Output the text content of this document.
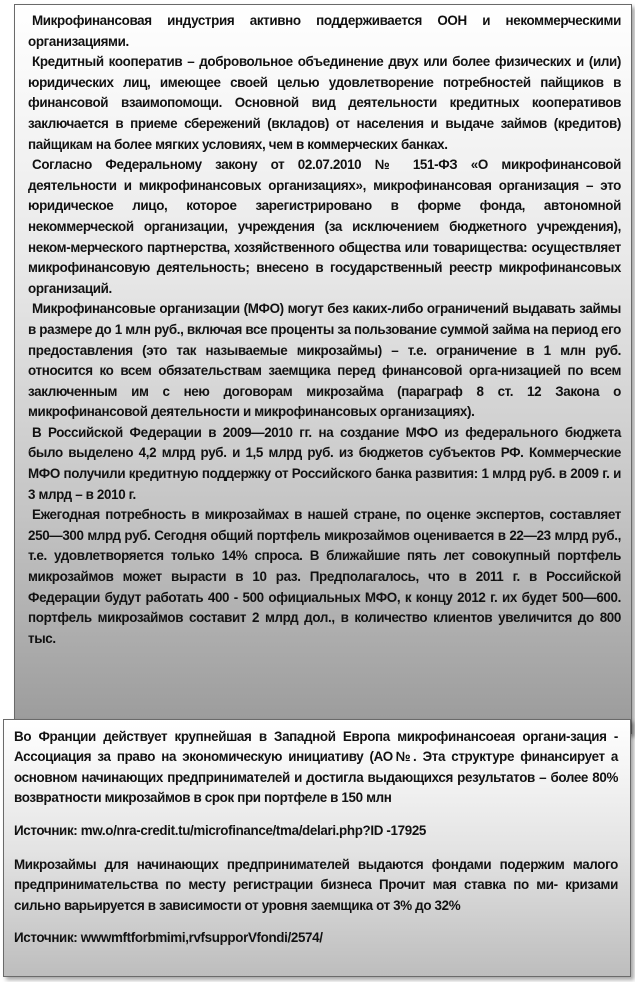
Микрофинансовая индустрия активно поддерживается ООН и некоммерческими организациями.

Кредитный кооператив – добровольное объединение двух или более физических и (или) юридических лиц, имеющее своей целью удовлетворение потребностей пайщиков в финансовой взаимопомощи. Основной вид деятельности кредитных кооперативов заключается в приеме сбережений (вкладов) от населения и выдаче займов (кредитов) пайщикам на более мягких условиях, чем в коммерческих банках.

Согласно Федеральному закону от 02.07.2010 № 151-ФЗ «О микрофинансовой деятельности и микрофинансовых организациях», микрофинансовая организация – это юридическое лицо, которое зарегистрировано в форме фонда, автономной некоммерческой организации, учреждения (за исключением бюджетного учреждения), неком-мерческого партнерства, хозяйственного общества или товарищества: осуществляет микрофинансовую деятельность; внесено в государственный реестр микрофинансовых организаций.

Микрофинансовые организации (МФО) могут без каких-либо ограничений выдавать займы в размере до 1 млн руб., включая все проценты за пользование суммой займа на период его предоставления (это так называемые микрозаймы) – т.е. ограничение в 1 млн руб. относится ко всем обязательствам заемщика перед финансовой орга-низацией по всем заключенным им с нею договорам микрозайма (параграф 8 ст. 12 Закона о микрофинансовой деятельности и микрофинансовых организациях).

В Российской Федерации в 2009—2010 гг. на создание МФО из федерального бюджета было выделено 4,2 млрд руб. и 1,5 млрд руб. из бюджетов субъектов РФ. Коммерческие МФО получили кредитную поддержку от Российского банка развития: 1 млрд руб. в 2009 г. и 3 млрд – в 2010 г.

Ежегодная потребность в микрозаймах в нашей стране, по оценке экспертов, составляет 250—300 млрд руб. Сегодня общий портфель микрозаймов оценивается в 22—23 млрд руб., т.е. удовлетворяется только 14% спроса. В ближайшие пять лет совокупный портфель микрозаймов может вырасти в 10 раз. Предполагалось, что в 2011 г. в Российской Федерации будут работать 400 - 500 официальных МФО, к концу 2012 г. их будет 500—600. портфель микрозаймов составит 2 млрд дол., в количество клиентов увеличится до 800 тыс.

Во Франции действует крупнейшая в Западной Европа микрофинансоеая органи-зация - Ассоциация за право на экономическую инициативу (АО№. Эта структуре финансирует а основном начинающих предпринимателей и достигла выдающихся результатов – более 80% возвратности микрозаймов в срок при портфеле в 150 млн

Источник: mw.o/nra-credit.tu/microfinance/tma/delari.php?ID -17925

Микрозаймы для начинающих предпринимателей выдаются фондами подержим малого предпринимательства по месту регистрации бизнеса Прочит мая ставка по ми- кризами сильно варьируется в зависимости от уровня заемщика от 3% до 32%

Источник: wwwmftforbmimi,rvfsupporVfondi/2574/
